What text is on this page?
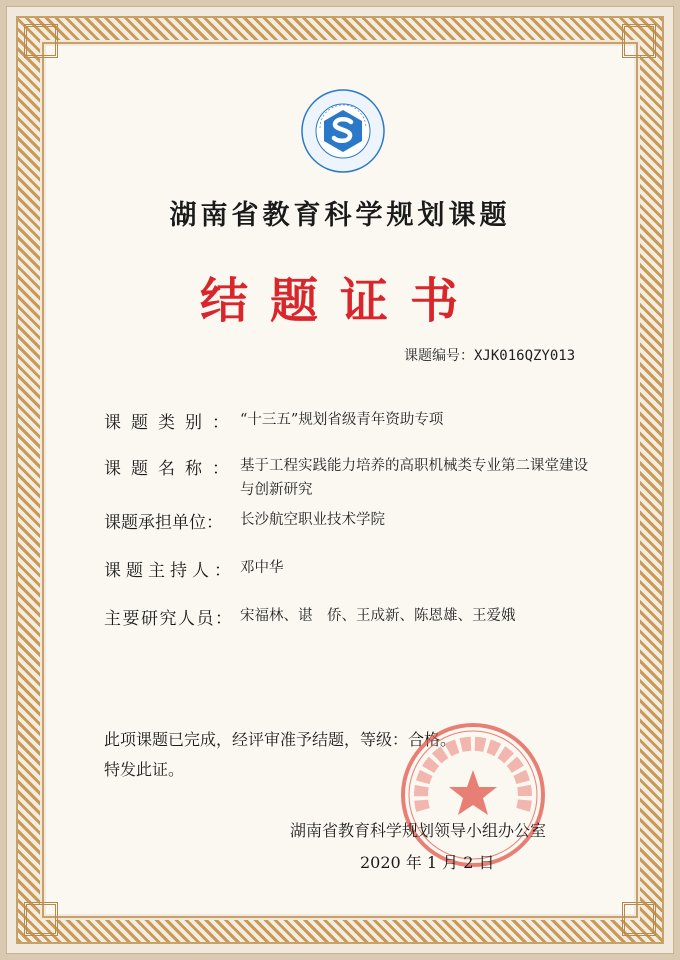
湖南省教育科学规划课题
结题证书
课题编号：XJK016QZY013
课题类别：“十三五”规划省级青年资助专项
课题名称：基于工程实践能力培养的高职机械类专业第二课堂建设与创新研究
课题承担单位： 长沙航空职业技术学院
课题主持人： 邓中华
主要研究人员： 宋福林、谌　侨、王成新、陈恩雄、王爱娥
此项课题已完成，经评审准予结题，等级：合格。
特发此证。
湖南省教育科学规划领导小组办公室
2020 年 1 月 2 日
